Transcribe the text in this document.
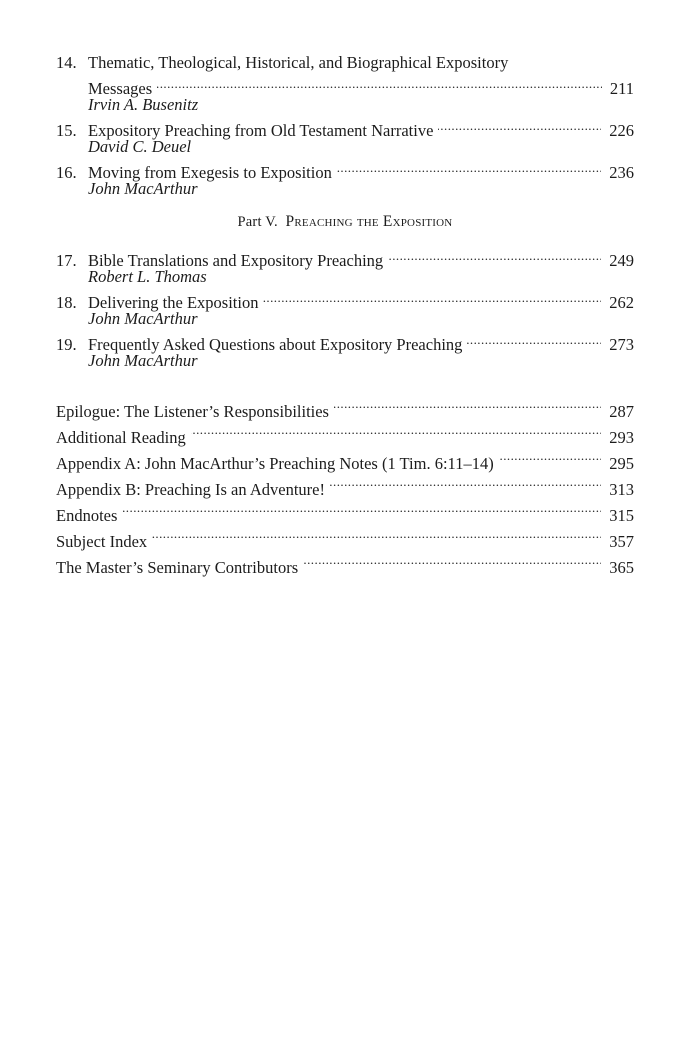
14. Thematic, Theological, Historical, and Biographical Expository
Messages . . .	211
Irvin A. Busenitz
15. Expository Preaching from Old Testament Narrative . . .	226
David C. Deuel
16. Moving from Exegesis to Exposition . . .	236
John MacArthur
Part V. Preaching the Exposition
17. Bible Translations and Expository Preaching . . .	249
Robert L. Thomas
18. Delivering the Exposition . . .	262
John MacArthur
19. Frequently Asked Questions about Expository Preaching . . .	273
John MacArthur
Epilogue: The Listener’s Responsibilities . . .	287
Additional Reading . . .	293
Appendix A: John MacArthur’s Preaching Notes (1 Tim. 6:11–14) . . .	295
Appendix B: Preaching Is an Adventure! . . .	313
Endnotes . . .	315
Subject Index . . .	357
The Master’s Seminary Contributors . . .	365
